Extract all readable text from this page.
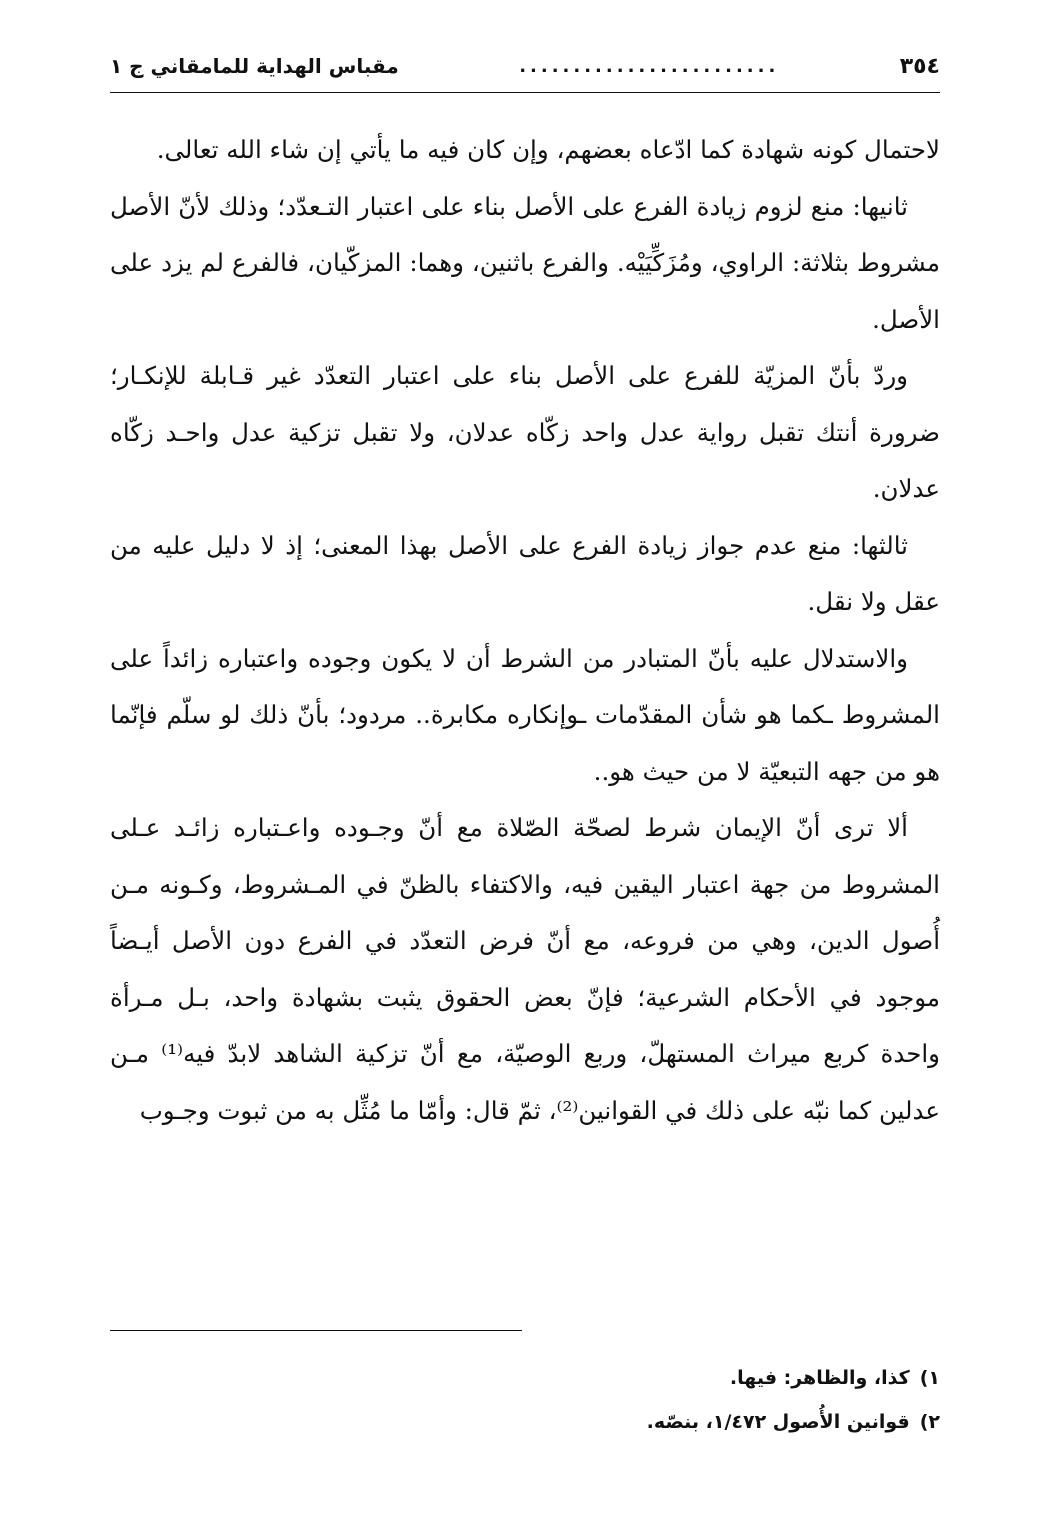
٣٥٤
........................
مقباس الهداية للمامقاني ج ١

لاحتمال كونه شهادة كما ادّعاه بعضهم، وإن كان فيه ما يأتي إن شاء الله تعالى.

ثانيها: منع لزوم زيادة الفرع على الأصل بناء على اعتبار التـعدّد؛ وذلك لأنّ الأصل مشروط بثلاثة: الراوي، ومُزَكِّيَيْه. والفرع باثنين، وهما: المزكّيان، فالفرع لم يزد على الأصل.

وردّ بأنّ المزيّة للفرع على الأصل بناء على اعتبار التعدّد غير قـابلة للإنكـار؛ ضرورة أنتك تقبل رواية عدل واحد زكّاه عدلان، ولا تقبل تزكية عدل واحـد زكّاه عدلان.

ثالثها: منع عدم جواز زيادة الفرع على الأصل بهذا المعنى؛ إذ لا دليل عليه من عقل ولا نقل.

والاستدلال عليه بأنّ المتبادر من الشرط أن لا يكون وجوده واعتباره زائداً على المشروط ـكما هو شأن المقدّمات ـوإنكاره مكابرة.. مردود؛ بأنّ ذلك لو سلّم فإنّما هو من جهه التبعيّة لا من حيث هو..

ألا ترى أنّ الإيمان شرط لصحّة الصّلاة مع أنّ وجـوده واعـتباره زائـد عـلى المشروط من جهة اعتبار اليقين فيه، والاكتفاء بالظنّ في المـشروط، وكـونه مـن أُصول الدين، وهي من فروعه، مع أنّ فرض التعدّد في الفرع دون الأصل أيـضاً موجود في الأحكام الشرعية؛ فإنّ بعض الحقوق يثبت بشهادة واحد، بـل مـرأة واحدة كربع ميراث المستهلّ، وربع الوصيّة، مع أنّ تزكية الشاهد لابدّ فيه⁽¹⁾ مـن عدلين كما نبّه على ذلك في القوانين⁽²⁾، ثمّ قال: وأمّا ما مُثِّل به من ثبوت وجـوب

١)كذا، والظاهر: فيها.
٢)قوانين الأُصول ١/٤٧٢، بنصّه.
